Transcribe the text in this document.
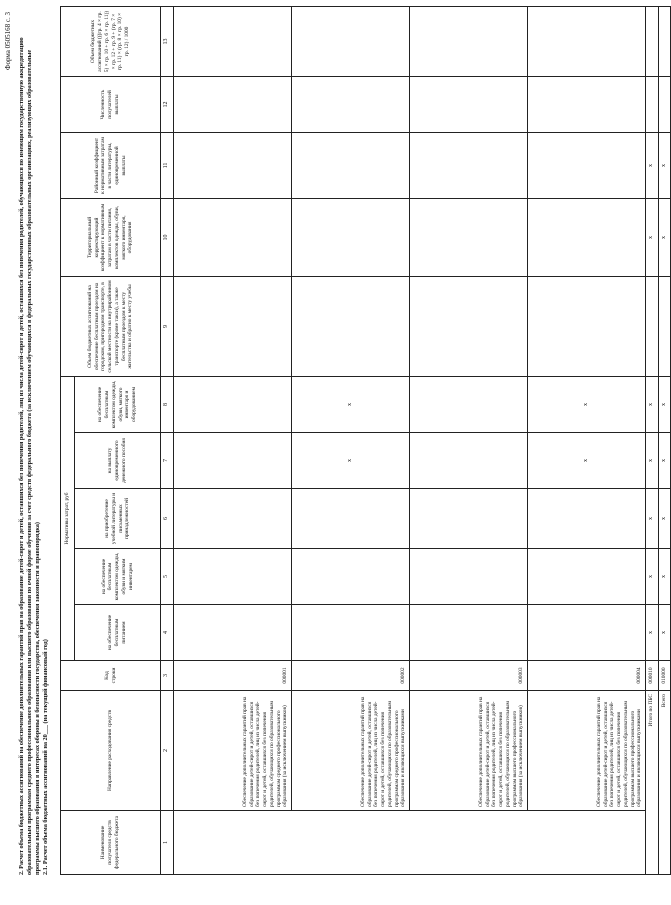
Форма 0505168 с. 3 2. Расчет объема бюджетных ассигнований на обеспечение дополнительных гарантий прав на образование детей-сирот и детей, оставшихся без попечения родителей, лиц из числа детей-сирот и детей, оставшихся без попечения родителей, обучающихся по имеющим государственную аккредитацию образовательным программам среднего профессионального образования или высшего образования по очной форме обучения за счет средств федерального бюджета (за исключением обучающихся в федеральных государственных образовательных организациях, реализующих образовательные программы высшего образования в интересах обороны и безопасности государства, обеспечения законности и правопорядка) 2.1. Расчет объема бюджетных ассигнований на 20___ (на текущий финансовый год)	Наименование получателя средств федерального бюджета	Направление расходования средств	Код строки	Нормативы затрат, руб					Объем бюджетных ассигнований на обеспечение бесплатным проездом на городском, пригородном транспорте, в сельской местности на внутрирайонном транспорте (кроме такси), а также бесплатным проездом к месту жительства и обратно к месту учебы	Территориальный корректирующий коэффициент к нормативным затратам в части питания, комплектов одежды, обуви, мягкого инвентаря, оборудования	Районный коэффициент к нормативным затратам в части литературы, единовременной выплаты	Численность получателей выплаты	Объем бюджетных ассигнований (((гр. 4 × гр. 5) × гр. 10 + гр. 6 × гр. 11)) × гр. 12 + гр. 9 + (гр. 7 × гр. 11) × (гр. 8 × гр. 10) × гр. 12) / 1000
			на обеспечение бесплатным питанием	на обеспечение бесплатным комплектом одежды, обуви и мягким инвентарем	на приобретение учебной литературы и письменных принадлежностей	на выплату единовременного денежного пособия	на обеспечение бесплатным комплектом одежды, обуви, мягкого инвентаря и оборудованием					
1	2	3	4	5	6	7	8	9	10	11	12	13
	Обеспечение дополнительных гарантий прав на образование детей-сирот и детей, оставшихся без попечения родителей, лиц из числа детей-сирот и детей, оставшихся без попечения родителей, обучающихся по образовательным программам среднего профессионального образования (за исключением выпускников)	000001										
	Обеспечение дополнительных гарантий прав на образование детей-сирот и детей, оставшихся без попечения родителей, лиц из числа детей-сирот и детей, оставшихся без попечения родителей, обучающихся по образовательным программам среднего профессионального образования и являющихся выпускниками	000002				x	x					
	Обеспечение дополнительных гарантий прав на образование детей-сирот и детей, оставшихся без попечения родителей, лиц из числа детей-сирот и детей, оставшихся без попечения родителей, обучающихся по образовательным программам высшего профессионального образования (за исключением выпускников)	000003										
	Обеспечение дополнительных гарантий прав на образование детей-сирот и детей, оставшихся без попечения родителей, лиц из числа детей-сирот и детей, оставшихся без попечения родителей, обучающихся по образовательным программам высшего профессионального образования и являющихся выпускниками	000004				x	x					
Итого по ПБС		000010	x	x	x	x	x		x	x		
Всего		010000	x	x	x	x	x		x	x		
